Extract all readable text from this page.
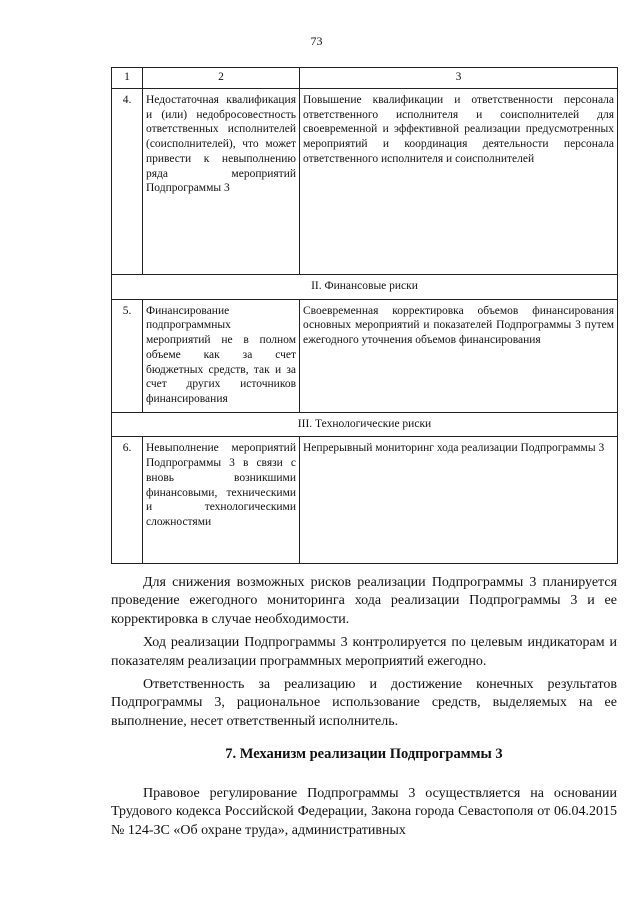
73
1	2	3
4.	Недостаточная квалификация и (или) недобросовестность ответственных исполнителей (соисполнителей), что может привести к невыполнению ряда мероприятий Подпрограммы 3	Повышение квалификации и ответственности персонала ответственного исполнителя и соисполнителей для своевременной и эффективной реализации предусмотренных мероприятий и координация деятельности персонала ответственного исполнителя и соисполнителей
II. Финансовые риски		
5.	Финансирование подпрограммных мероприятий не в полном объеме как за счет бюджетных средств, так и за счет других источников финансирования	Своевременная корректировка объемов финансирования основных мероприятий и показателей Подпрограммы 3 путем ежегодного уточнения объемов финансирования
III. Технологические риски		
6.	Невыполнение мероприятий Подпрограммы 3 в связи с вновь возникшими финансовыми, техническими и технологическими сложностями	Непрерывный мониторинг хода реализации Подпрограммы 3

Для снижения возможных рисков реализации Подпрограммы 3 планируется проведение ежегодного мониторинга хода реализации Подпрограммы 3 и ее корректировка в случае необходимости.

Ход реализации Подпрограммы 3 контролируется по целевым индикаторам и показателям реализации программных мероприятий ежегодно.

Ответственность за реализацию и достижение конечных результатов Подпрограммы 3, рациональное использование средств, выделяемых на ее выполнение, несет ответственный исполнитель.

7. Механизм реализации Подпрограммы 3

Правовое регулирование Подпрограммы 3 осуществляется на основании Трудового кодекса Российской Федерации, Закона города Севастополя от 06.04.2015 № 124-ЗС «Об охране труда», административных
